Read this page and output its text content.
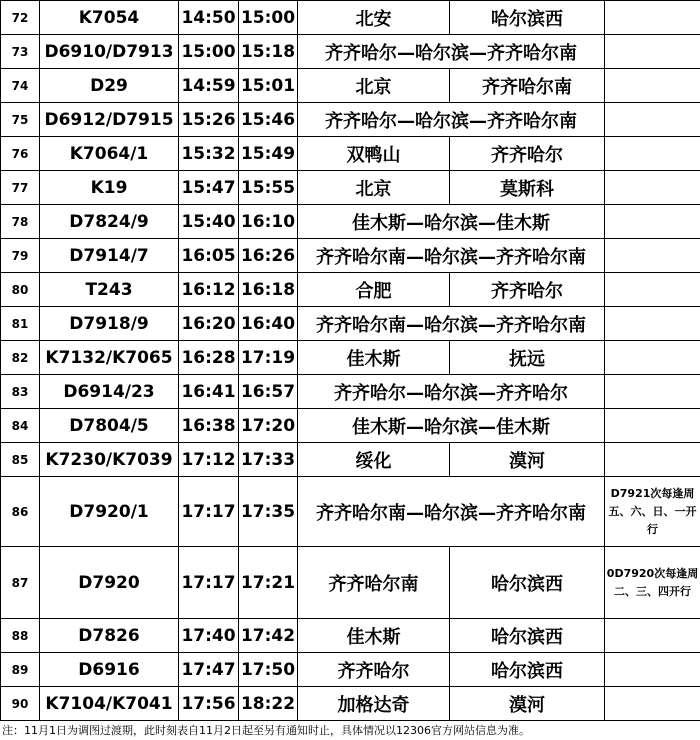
72	K7054	14:50	15:00	北安	哈尔滨西	
73	D6910/D7913	15:00	15:18	齐齐哈尔—哈尔滨—齐齐哈尔南		
74	D29	14:59	15:01	北京	齐齐哈尔南	
75	D6912/D7915	15:26	15:46	齐齐哈尔—哈尔滨—齐齐哈尔南		
76	K7064/1	15:32	15:49	双鸭山	齐齐哈尔	
77	K19	15:47	15:55	北京	莫斯科	
78	D7824/9	15:40	16:10	佳木斯—哈尔滨—佳木斯		
79	D7914/7	16:05	16:26	齐齐哈尔南—哈尔滨—齐齐哈尔南		
80	T243	16:12	16:18	合肥	齐齐哈尔	
81	D7918/9	16:20	16:40	齐齐哈尔南—哈尔滨—齐齐哈尔南		
82	K7132/K7065	16:28	17:19	佳木斯	抚远	
83	D6914/23	16:41	16:57	齐齐哈尔—哈尔滨—齐齐哈尔		
84	D7804/5	16:38	17:20	佳木斯—哈尔滨—佳木斯		
85	K7230/K7039	17:12	17:33	绥化	漠河	
86	D7920/1	17:17	17:35	齐齐哈尔南—哈尔滨—齐齐哈尔南		D7921次每逢周五、六、日、一开行
87	D7920	17:17	17:21	齐齐哈尔南	哈尔滨西	0D7920次每逢周二、三、四开行
88	D7826	17:40	17:42	佳木斯	哈尔滨西	
89	D6916	17:47	17:50	齐齐哈尔	哈尔滨西	
90	K7104/K7041	17:56	18:22	加格达奇	漠河	
注：11月1日为调图过渡期，此时刻表自11月2日起至另有通知时止，具体情况以12306官方网站信息为准。
